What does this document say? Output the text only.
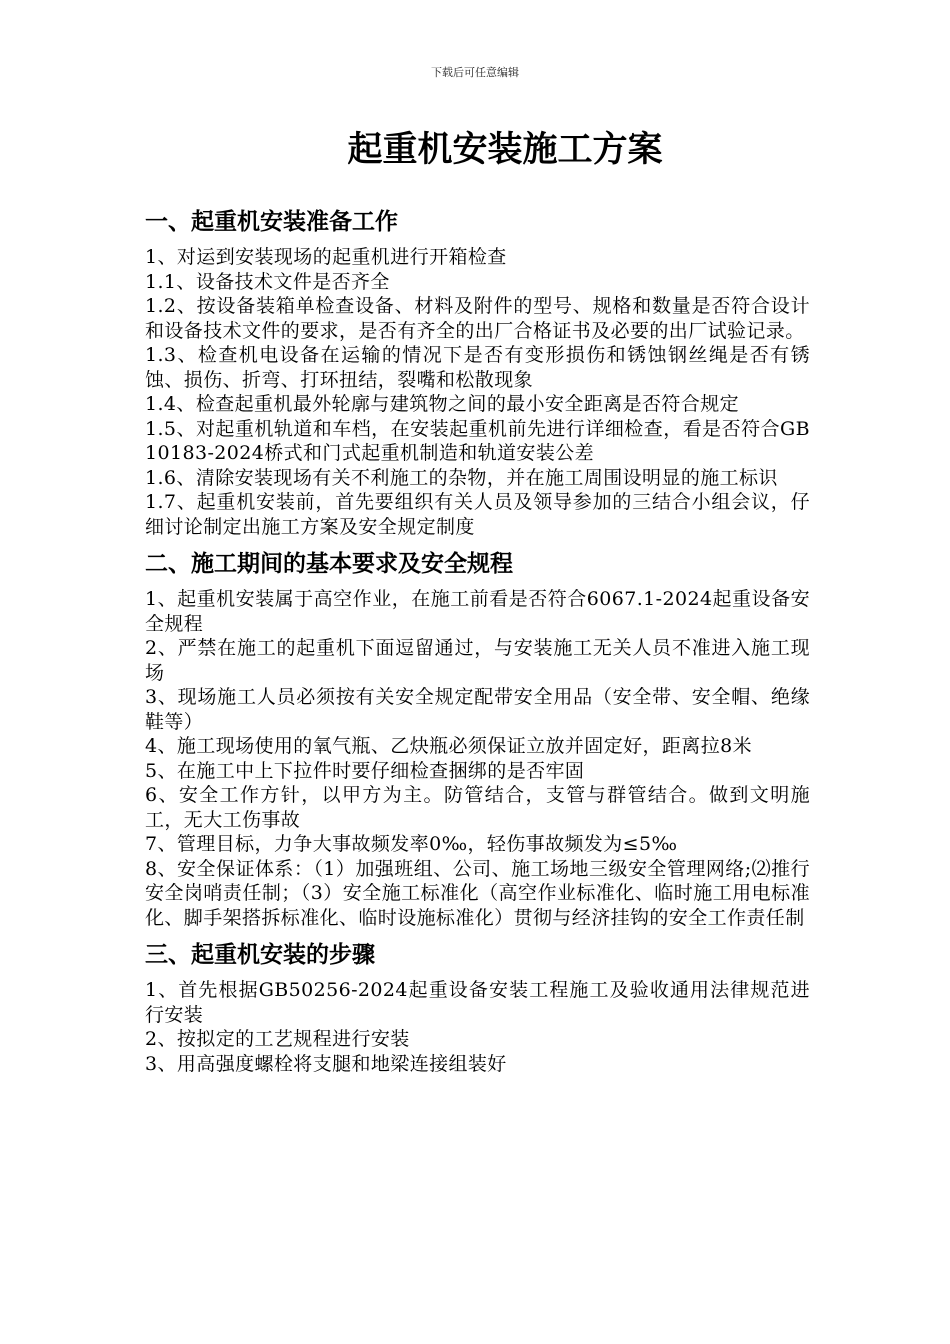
下载后可任意编辑
起重机安装施工方案
一、起重机安装准备工作

1、对运到安装现场的起重机进行开箱检查

1.1、设备技术文件是否齐全

1.2、按设备装箱单检查设备、材料及附件的型号、规格和数量是否符合设计和设备技术文件的要求，是否有齐全的出厂合格证书及必要的出厂试验记录。

1.3、检查机电设备在运输的情况下是否有变形损伤和锈蚀钢丝绳是否有锈蚀、损伤、折弯、打环扭结，裂嘴和松散现象

1.4、检查起重机最外轮廓与建筑物之间的最小安全距离是否符合规定

1.5、对起重机轨道和车档，在安装起重机前先进行详细检查，看是否符合GB10183-2024桥式和门式起重机制造和轨道安装公差

1.6、清除安装现场有关不利施工的杂物，并在施工周围设明显的施工标识

1.7、起重机安装前，首先要组织有关人员及领导参加的三结合小组会议，仔细讨论制定出施工方案及安全规定制度

二、施工期间的基本要求及安全规程

1、起重机安装属于高空作业，在施工前看是否符合6067.1-2024起重设备安全规程

2、严禁在施工的起重机下面逗留通过，与安装施工无关人员不准进入施工现场

3、现场施工人员必须按有关安全规定配带安全用品（安全带、安全帽、绝缘鞋等）

4、施工现场使用的氧气瓶、乙炔瓶必须保证立放并固定好，距离拉8米

5、在施工中上下拉件时要仔细检查捆绑的是否牢固

6、安全工作方针，以甲方为主。防管结合，支管与群管结合。做到文明施工，无大工伤事故

7、管理目标，力争大事故频发率0‰，轻伤事故频发为≤5‰

8、安全保证体系：（1）加强班组、公司、施工场地三级安全管理网络;⑵推行安全岗哨责任制；（3）安全施工标准化（高空作业标准化、临时施工用电标准化、脚手架搭拆标准化、临时设施标准化）贯彻与经济挂钩的安全工作责任制

三、起重机安装的步骤

1、首先根据GB50256-2024起重设备安装工程施工及验收通用法律规范进行安装

2、按拟定的工艺规程进行安装

3、用高强度螺栓将支腿和地梁连接组装好
